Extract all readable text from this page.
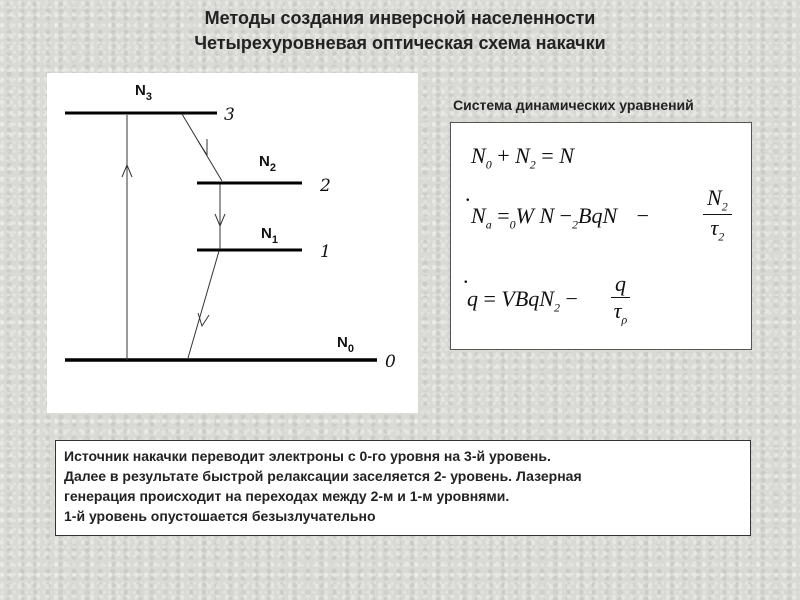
Методы создания инверсной населенности
Четырехуровневая оптическая схема накачки
$N_3$
$N_2$
$N_1$
$N_0$
3
2
1
0
Система динамических уравнений
$N_0 + N_2 = N$
.
$N_a =_0W$ $N -_2BqN - \frac{N_2}{\tau_2}$
.
q = VBqN$_2$ − $\frac{q}{\tau_\rho}$

Источник накачки переводит электроны с 0-го уровня на 3-й уровень.

Далее в результате быстрой релаксации заселяется 2- уровень. Лазерная

генерация происходит на переходах между 2-м и 1-м уровнями.

1-й уровень опустошается безызлучательно
